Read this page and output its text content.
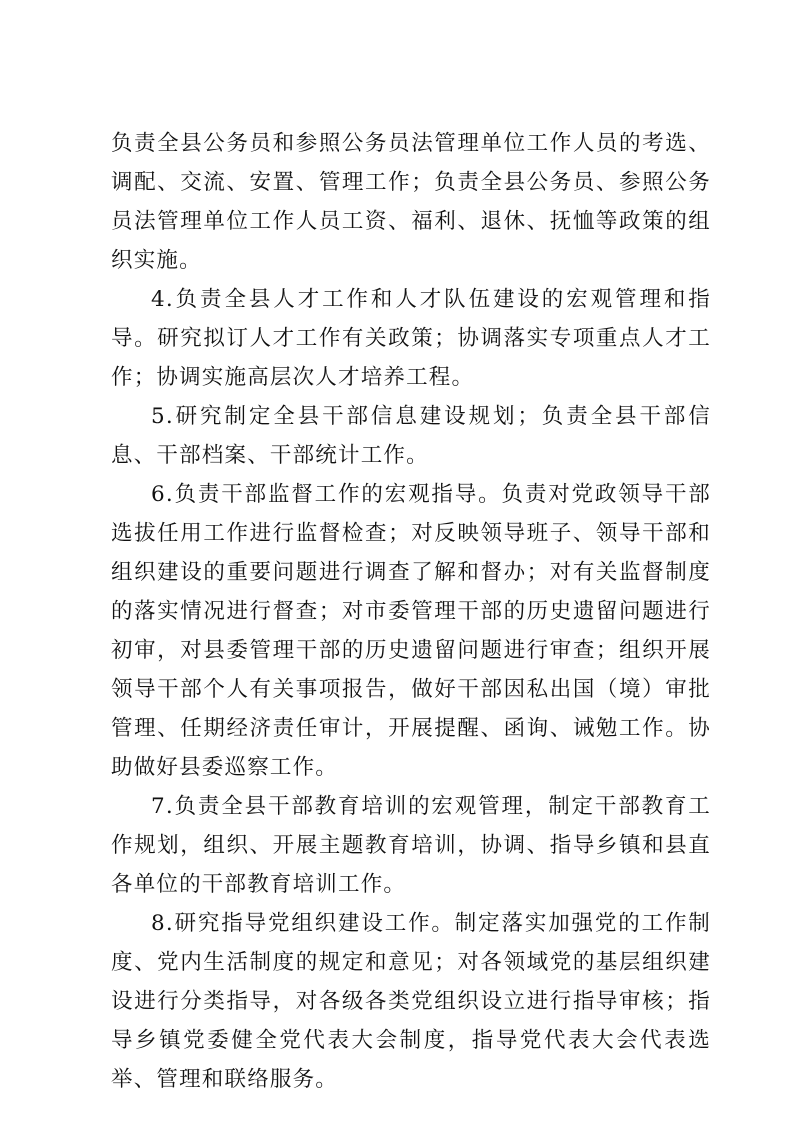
负责全县公务员和参照公务员法管理单位工作人员的考选、调配、交流、安置、管理工作；负责全县公务员、参照公务员法管理单位工作人员工资、福利、退休、抚恤等政策的组织实施。

4.负责全县人才工作和人才队伍建设的宏观管理和指导。研究拟订人才工作有关政策；协调落实专项重点人才工作；协调实施高层次人才培养工程。

5.研究制定全县干部信息建设规划；负责全县干部信息、干部档案、干部统计工作。

6.负责干部监督工作的宏观指导。负责对党政领导干部选拔任用工作进行监督检查；对反映领导班子、领导干部和组织建设的重要问题进行调查了解和督办；对有关监督制度的落实情况进行督查；对市委管理干部的历史遗留问题进行初审，对县委管理干部的历史遗留问题进行审查；组织开展领导干部个人有关事项报告，做好干部因私出国（境）审批管理、任期经济责任审计，开展提醒、函询、诫勉工作。协助做好县委巡察工作。

7.负责全县干部教育培训的宏观管理，制定干部教育工作规划，组织、开展主题教育培训，协调、指导乡镇和县直各单位的干部教育培训工作。

8.研究指导党组织建设工作。制定落实加强党的工作制度、党内生活制度的规定和意见；对各领域党的基层组织建设进行分类指导，对各级各类党组织设立进行指导审核；指导乡镇党委健全党代表大会制度，指导党代表大会代表选举、管理和联络服务。
